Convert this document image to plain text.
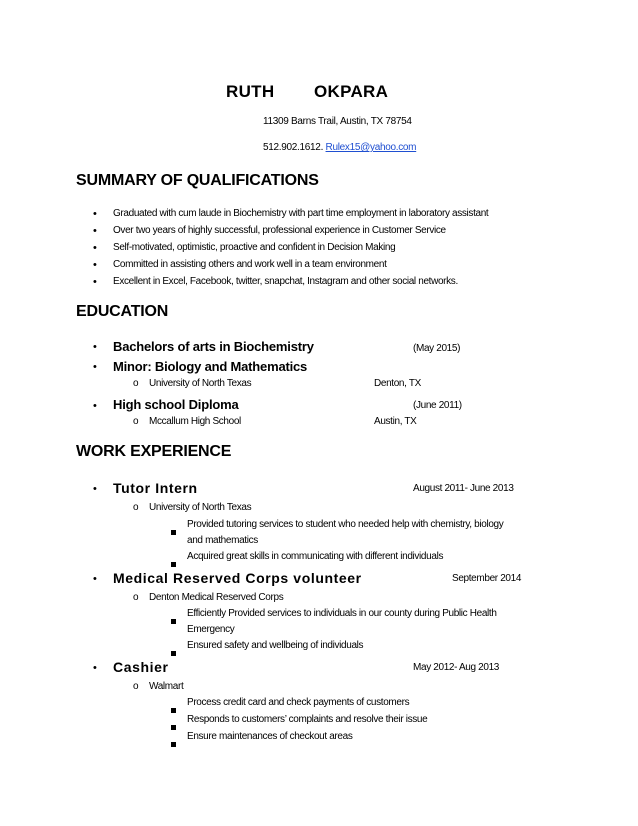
RUTH OKPARA
11309 Barns Trail, Austin, TX 78754
512.902.1612. Rulex15@yahoo.com
SUMMARY OF QUALIFICATIONS
• Graduated with cum laude in Biochemistry with part time employment in laboratory assistant
• Over two years of highly successful, professional experience in Customer Service
• Self-motivated, optimistic, proactive and confident in Decision Making
• Committed in assisting others and work well in a team environment
• Excellent in Excel, Facebook, twitter, snapchat, Instagram and other social networks.
EDUCATION
• Bachelors of arts in Biochemistry	(May 2015)
• Minor: Biology and Mathematics
o University of North Texas	Denton, TX
• High school Diploma	(June 2011)
o Mccallum High School	Austin, TX
WORK EXPERIENCE
• Tutor Intern	August 2011- June 2013
o University of North Texas
Provided tutoring services to student who needed help with chemistry, biology
and mathematics
Acquired great skills in communicating with different individuals
• Medical Reserved Corps volunteer	September 2014
o Denton Medical Reserved Corps
Efficiently Provided services to individuals in our county during Public Health
Emergency
Ensured safety and wellbeing of individuals
• Cashier	May 2012- Aug 2013
o Walmart
Process credit card and check payments of customers
Responds to customers’ complaints and resolve their issue
Ensure maintenances of checkout areas
